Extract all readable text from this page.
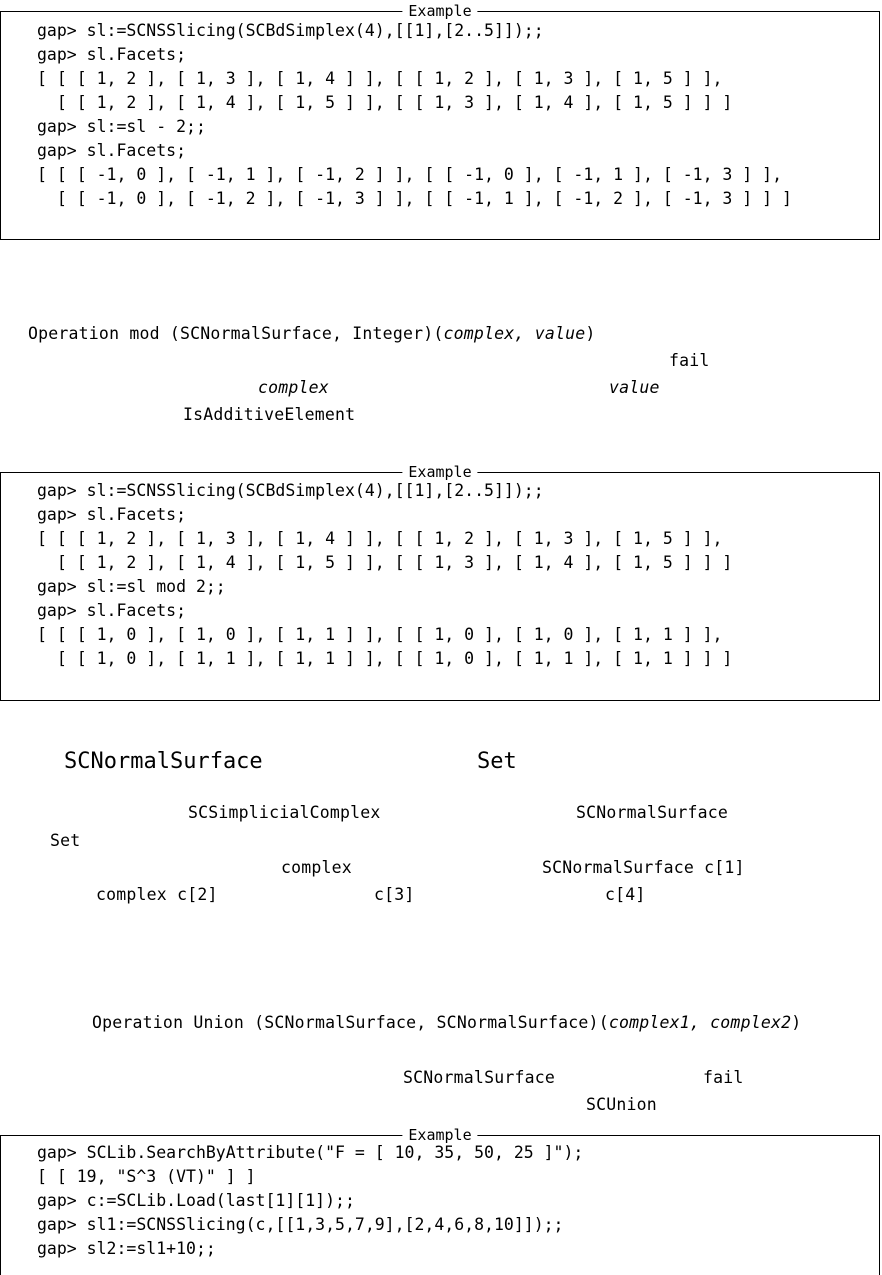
Example
gap> sl:=SCNSSlicing(SCBdSimplex(4),[[1],[2..5]]);;
gap> sl.Facets;
[ [ [ 1, 2 ], [ 1, 3 ], [ 1, 4 ] ], [ [ 1, 2 ], [ 1, 3 ], [ 1, 5 ] ],
[ [ 1, 2 ], [ 1, 4 ], [ 1, 5 ] ], [ [ 1, 3 ], [ 1, 4 ], [ 1, 5 ] ] ]
gap> sl:=sl - 2;;
gap> sl.Facets;
[ [ [ -1, 0 ], [ -1, 1 ], [ -1, 2 ] ], [ [ -1, 0 ], [ -1, 1 ], [ -1, 3 ] ],
[ [ -1, 0 ], [ -1, 2 ], [ -1, 3 ] ], [ [ -1, 1 ], [ -1, 2 ], [ -1, 3 ] ] ]
Operation mod (SCNormalSurface, Integer)(complex, value)
fail
complex	value
IsAdditiveElement
Example
gap> sl:=SCNSSlicing(SCBdSimplex(4),[[1],[2..5]]);;
gap> sl.Facets;
[ [ [ 1, 2 ], [ 1, 3 ], [ 1, 4 ] ], [ [ 1, 2 ], [ 1, 3 ], [ 1, 5 ] ],
[ [ 1, 2 ], [ 1, 4 ], [ 1, 5 ] ], [ [ 1, 3 ], [ 1, 4 ], [ 1, 5 ] ] ]
gap> sl:=sl mod 2;;
gap> sl.Facets;
[ [ [ 1, 0 ], [ 1, 0 ], [ 1, 1 ] ], [ [ 1, 0 ], [ 1, 0 ], [ 1, 1 ] ],
[ [ 1, 0 ], [ 1, 1 ], [ 1, 1 ] ], [ [ 1, 0 ], [ 1, 1 ], [ 1, 1 ] ] ]
SCNormalSurface	Set
SCSimplicialComplex	SCNormalSurface
Set
complex	SCNormalSurface c[1]
complex c[2]	c[3]	c[4]
Operation Union (SCNormalSurface, SCNormalSurface)(complex1, complex2)
SCNormalSurface	fail
SCUnion
Example
gap> SCLib.SearchByAttribute("F = [ 10, 35, 50, 25 ]");
[ [ 19, "S^3 (VT)" ] ]
gap> c:=SCLib.Load(last[1][1]);;
gap> sl1:=SCNSSlicing(c,[[1,3,5,7,9],[2,4,6,8,10]]);;
gap> sl2:=sl1+10;;
